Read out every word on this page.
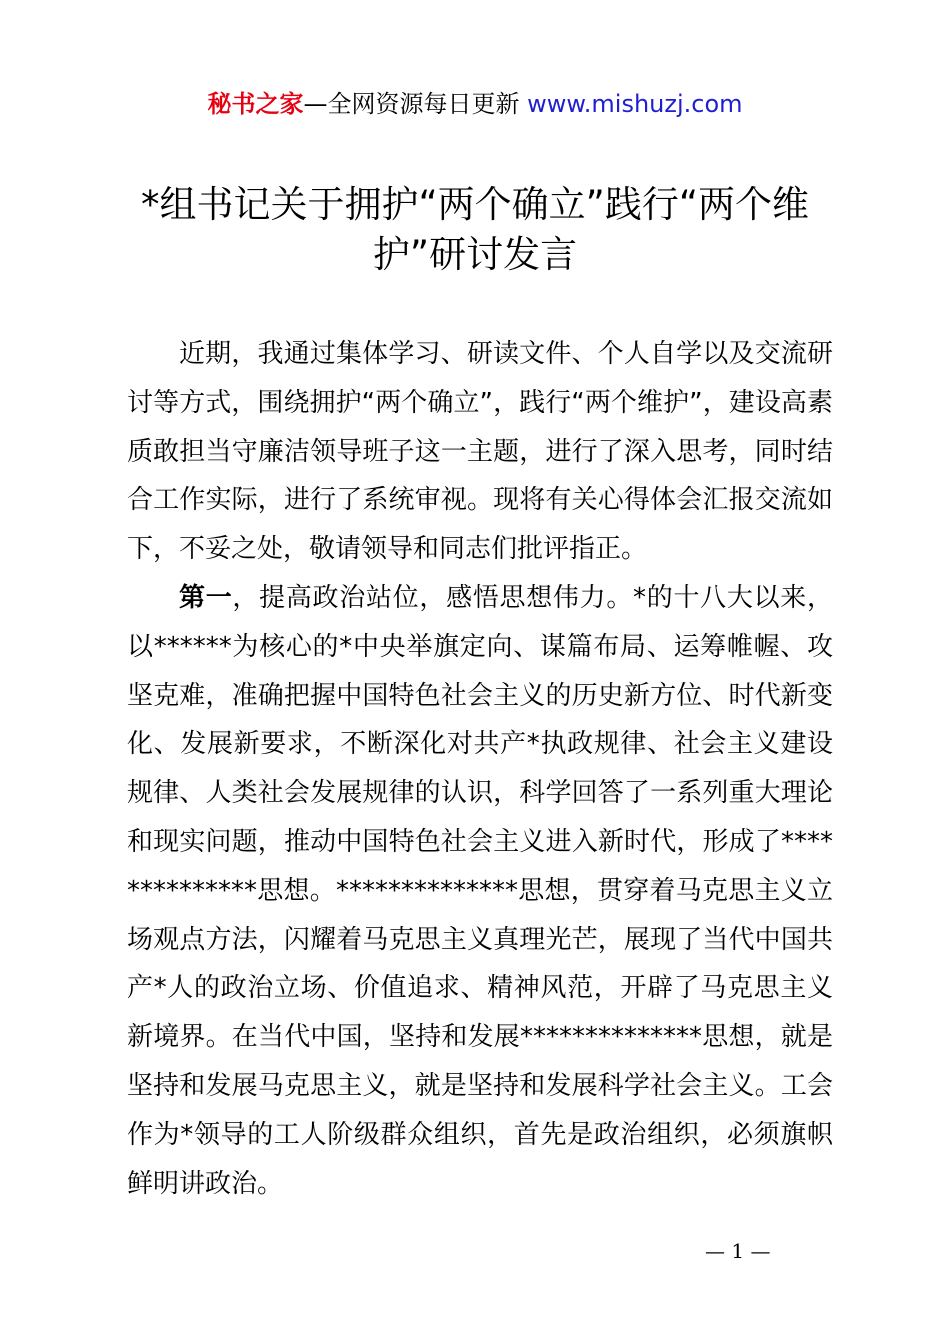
秘书之家—全网资源每日更新 www.mishuzj.com
*组书记关于拥护“两个确立”践行“两个维护”研讨发言

近期，我通过集体学习、研读文件、个人自学以及交流研讨等方式，围绕拥护“两个确立”，践行“两个维护”，建设高素质敢担当守廉洁领导班子这一主题，进行了深入思考，同时结合工作实际，进行了系统审视。现将有关心得体会汇报交流如下，不妥之处，敬请领导和同志们批评指正。

第一，提高政治站位，感悟思想伟力。*的十八大以来，以******为核心的*中央举旗定向、谋篇布局、运筹帷幄、攻坚克难，准确把握中国特色社会主义的历史新方位、时代新变化、发展新要求，不断深化对共产*执政规律、社会主义建设规律、人类社会发展规律的认识，科学回答了一系列重大理论和现实问题，推动中国特色社会主义进入新时代，形成了**************思想。**************思想，贯穿着马克思主义立场观点方法，闪耀着马克思主义真理光芒，展现了当代中国共产*人的政治立场、价值追求、精神风范，开辟了马克思主义新境界。在当代中国，坚持和发展**************思想，就是坚持和发展马克思主义，就是坚持和发展科学社会主义。工会作为*领导的工人阶级群众组织，首先是政治组织，必须旗帜鲜明讲政治。

— 1 —
